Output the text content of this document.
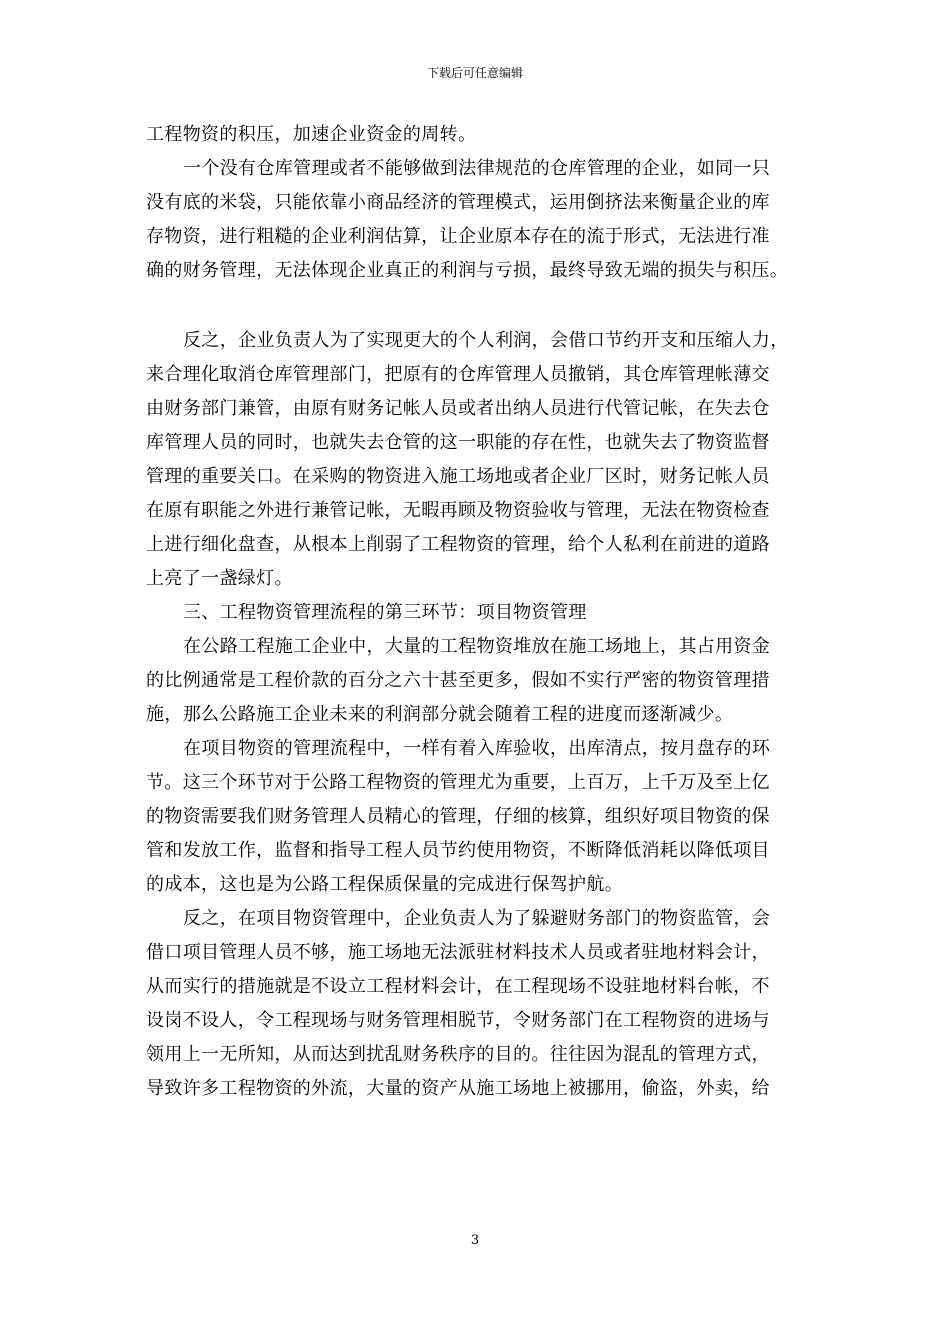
下载后可任意编辑
工程物资的积压，加速企业资金的周转。
一个没有仓库管理或者不能够做到法律规范的仓库管理的企业，如同一只
没有底的米袋，只能依靠小商品经济的管理模式，运用倒挤法来衡量企业的库
存物资，进行粗糙的企业利润估算，让企业原本存在的流于形式，无法进行准
确的财务管理，无法体现企业真正的利润与亏损，最终导致无端的损失与积压。
反之，企业负责人为了实现更大的个人利润，会借口节约开支和压缩人力，
来合理化取消仓库管理部门，把原有的仓库管理人员撤销，其仓库管理帐薄交
由财务部门兼管，由原有财务记帐人员或者出纳人员进行代管记帐，在失去仓
库管理人员的同时，也就失去仓管的这一职能的存在性，也就失去了物资监督
管理的重要关口。在采购的物资进入施工场地或者企业厂区时，财务记帐人员
在原有职能之外进行兼管记帐，无暇再顾及物资验收与管理，无法在物资检查
上进行细化盘查，从根本上削弱了工程物资的管理，给个人私利在前进的道路
上亮了一盏绿灯。
三、工程物资管理流程的第三环节：项目物资管理
在公路工程施工企业中，大量的工程物资堆放在施工场地上，其占用资金
的比例通常是工程价款的百分之六十甚至更多，假如不实行严密的物资管理措
施，那么公路施工企业未来的利润部分就会随着工程的进度而逐渐减少。
在项目物资的管理流程中，一样有着入库验收，出库清点，按月盘存的环
节。这三个环节对于公路工程物资的管理尤为重要，上百万，上千万及至上亿
的物资需要我们财务管理人员精心的管理，仔细的核算，组织好项目物资的保
管和发放工作，监督和指导工程人员节约使用物资，不断降低消耗以降低项目
的成本，这也是为公路工程保质保量的完成进行保驾护航。
反之，在项目物资管理中，企业负责人为了躲避财务部门的物资监管，会
借口项目管理人员不够，施工场地无法派驻材料技术人员或者驻地材料会计，
从而实行的措施就是不设立工程材料会计，在工程现场不设驻地材料台帐，不
设岗不设人，令工程现场与财务管理相脱节，令财务部门在工程物资的进场与
领用上一无所知，从而达到扰乱财务秩序的目的。往往因为混乱的管理方式，
导致许多工程物资的外流，大量的资产从施工场地上被挪用，偷盗，外卖，给
3
